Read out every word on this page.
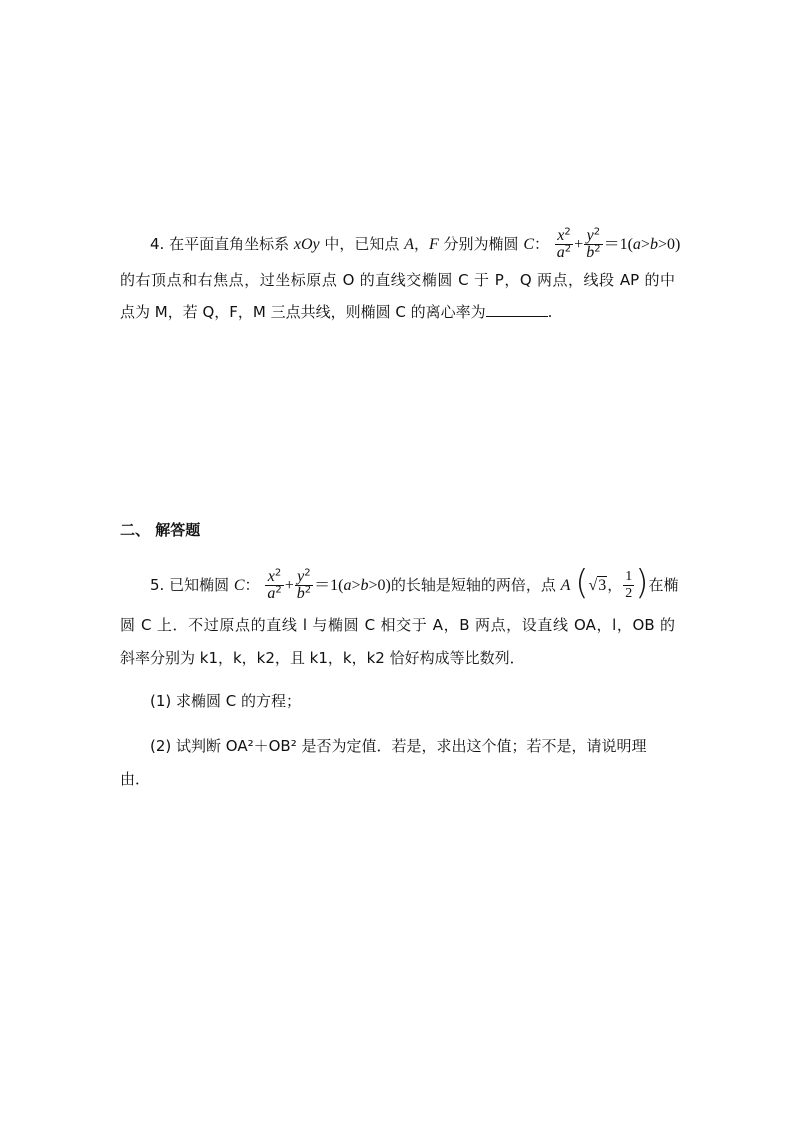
4. 在平面直角坐标系 xOy 中，已知点 A，F 分别为椭圆 C： $\frac{x^2}{a^2} + \frac{y^2}{b^2} =1(a>b>0)$
的右顶点和右焦点，过坐标原点 O 的直线交椭圆 C 于 P，Q 两点，线段 AP 的中
点为 M，若 Q，F，M 三点共线，则椭圆 C 的离心率为	.
二、 解答题
5. 已知椭圆 C： $\frac{x^2}{a^2} + \frac{y^2}{b^2} =1(a>b>0)$的长轴是短轴的两倍，点 A (√3， $\frac{1}{2}$ )在椭
圆 C 上．不过原点的直线 l 与椭圆 C 相交于 A，B 两点，设直线 OA，l，OB 的
斜率分别为 k1，k，k2，且 k1，k，k2 恰好构成等比数列．
(1) 求椭圆 C 的方程；
(2) 试判断 OA²＋OB² 是否为定值．若是，求出这个值；若不是，请说明理
由．
